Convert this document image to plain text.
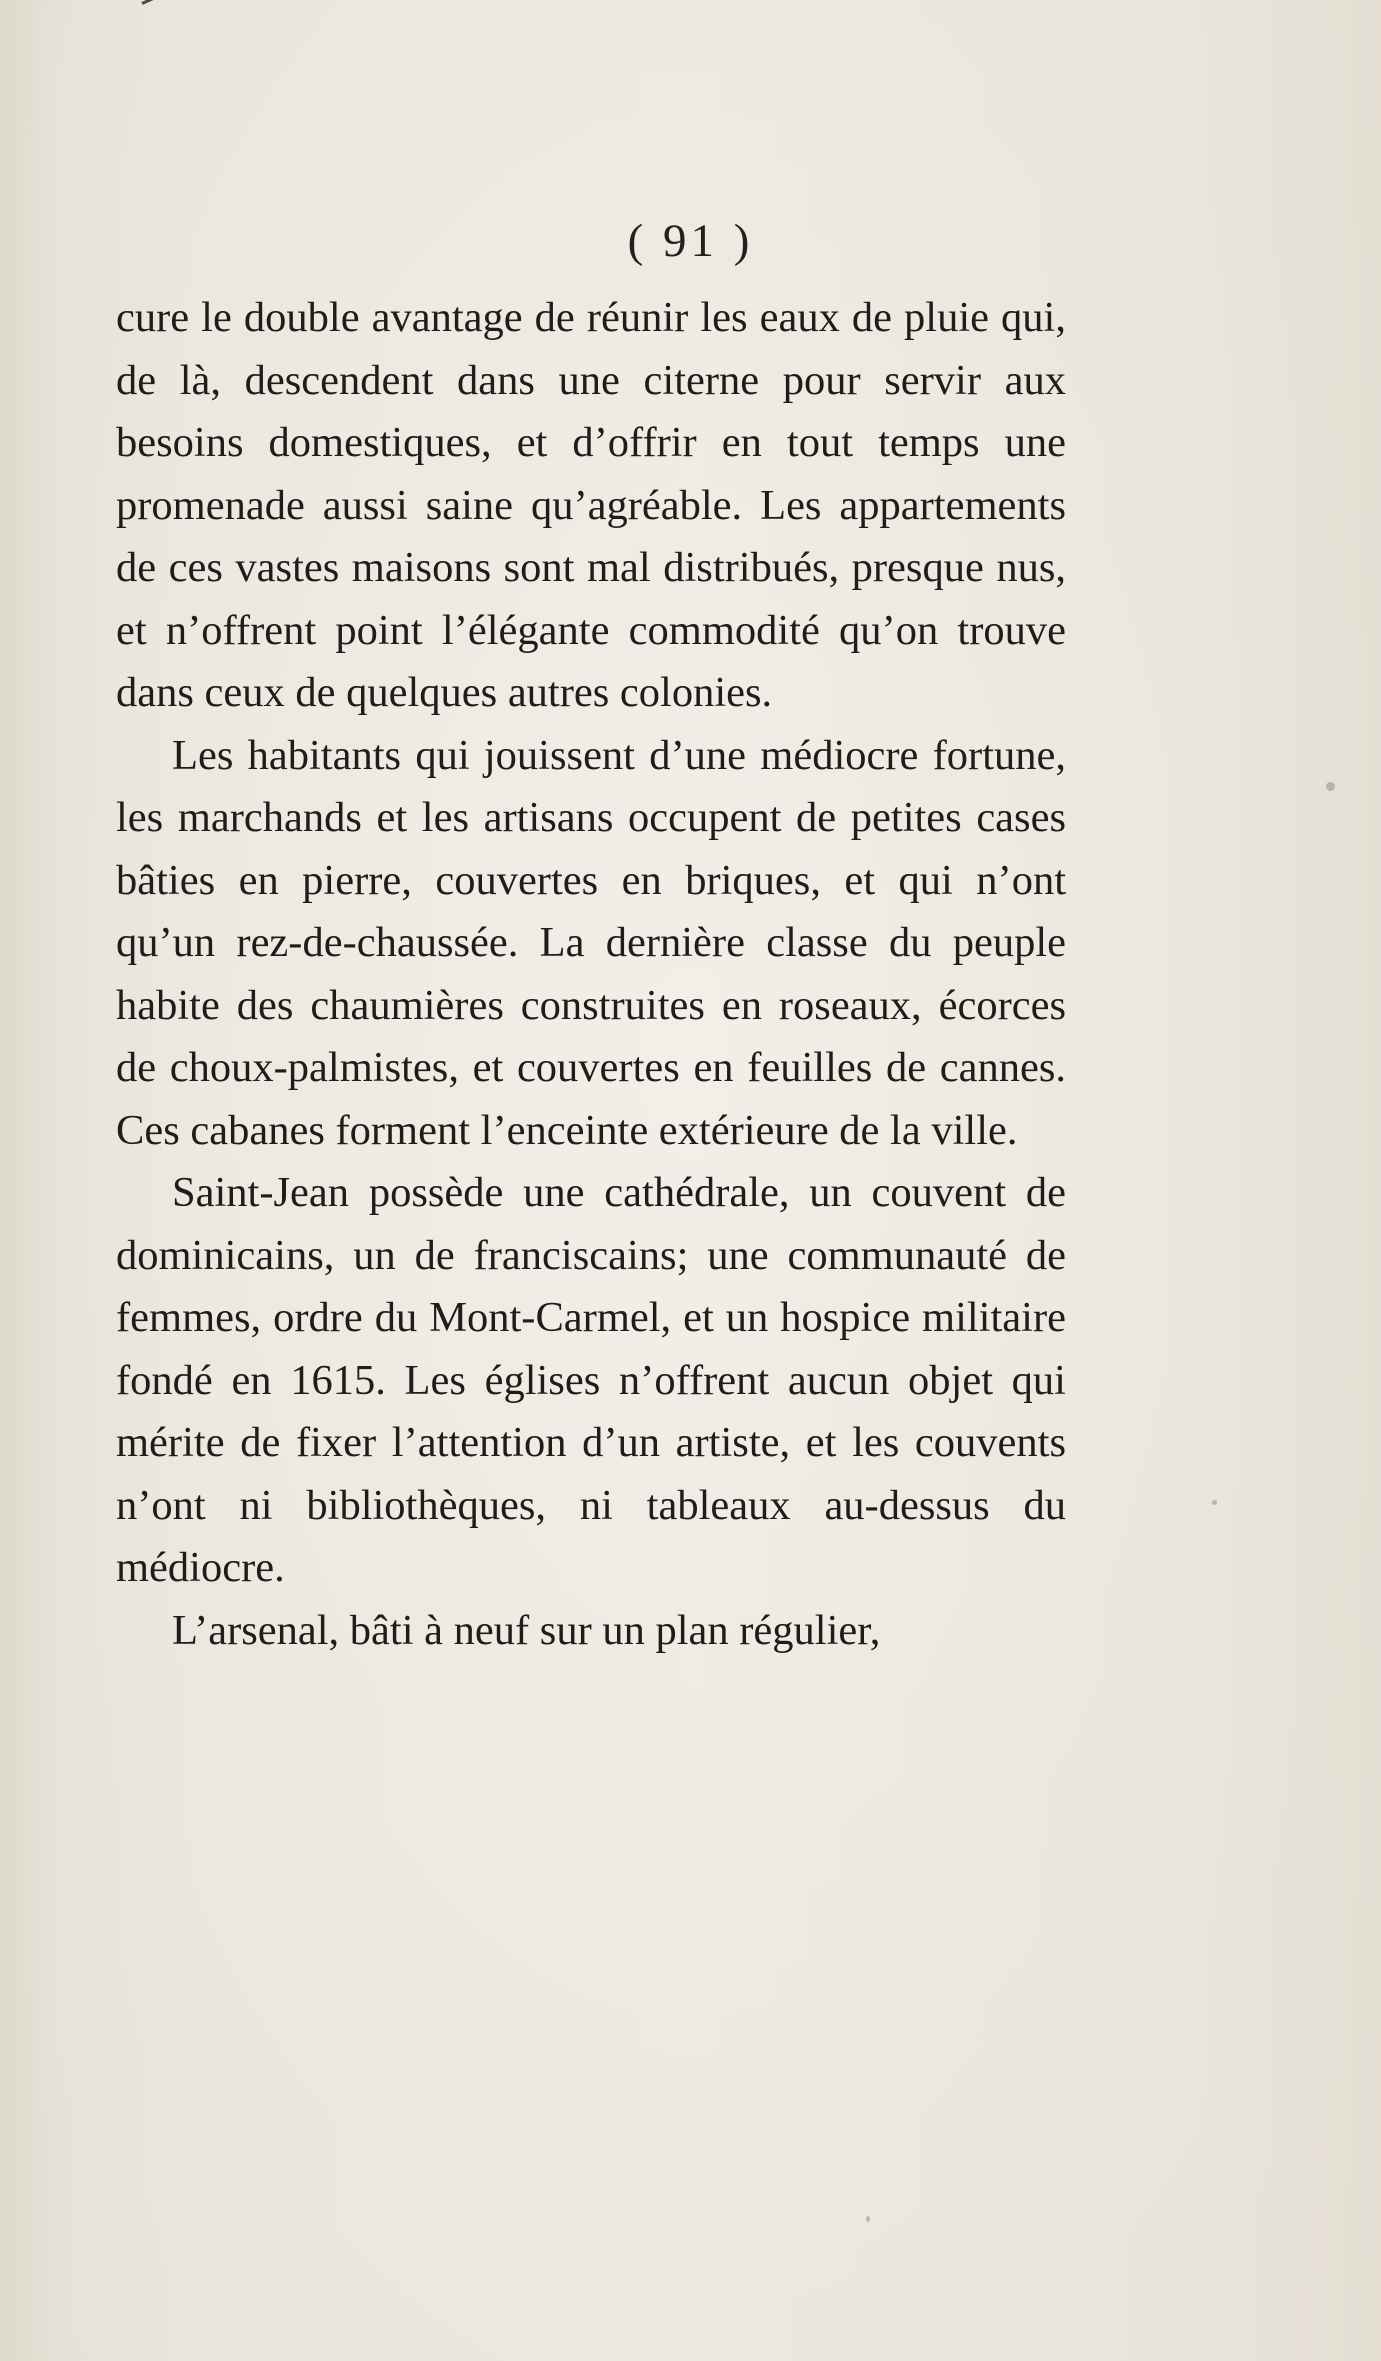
( 91 )

cure le double avantage de réunir les eaux de pluie qui, de là, descendent dans une citerne pour servir aux besoins domestiques, et d’offrir en tout temps une promenade aussi saine qu’agréable. Les appartements de ces vastes maisons sont mal distribués, presque nus, et n’offrent point l’élégante commodité qu’on trouve dans ceux de quelques autres colonies.

Les habitants qui jouissent d’une médiocre fortune, les marchands et les artisans occupent de petites cases bâties en pierre, couvertes en briques, et qui n’ont qu’un rez-de-chaussée. La dernière classe du peuple habite des chaumières construites en roseaux, écorces de choux-palmistes, et couvertes en feuilles de cannes. Ces cabanes forment l’enceinte extérieure de la ville.

Saint-Jean possède une cathédrale, un couvent de dominicains, un de franciscains; une communauté de femmes, ordre du Mont-Carmel, et un hospice militaire fondé en 1615. Les églises n’offrent aucun objet qui mérite de fixer l’attention d’un artiste, et les couvents n’ont ni bibliothèques, ni tableaux au-dessus du médiocre.

L’arsenal, bâti à neuf sur un plan régulier,
